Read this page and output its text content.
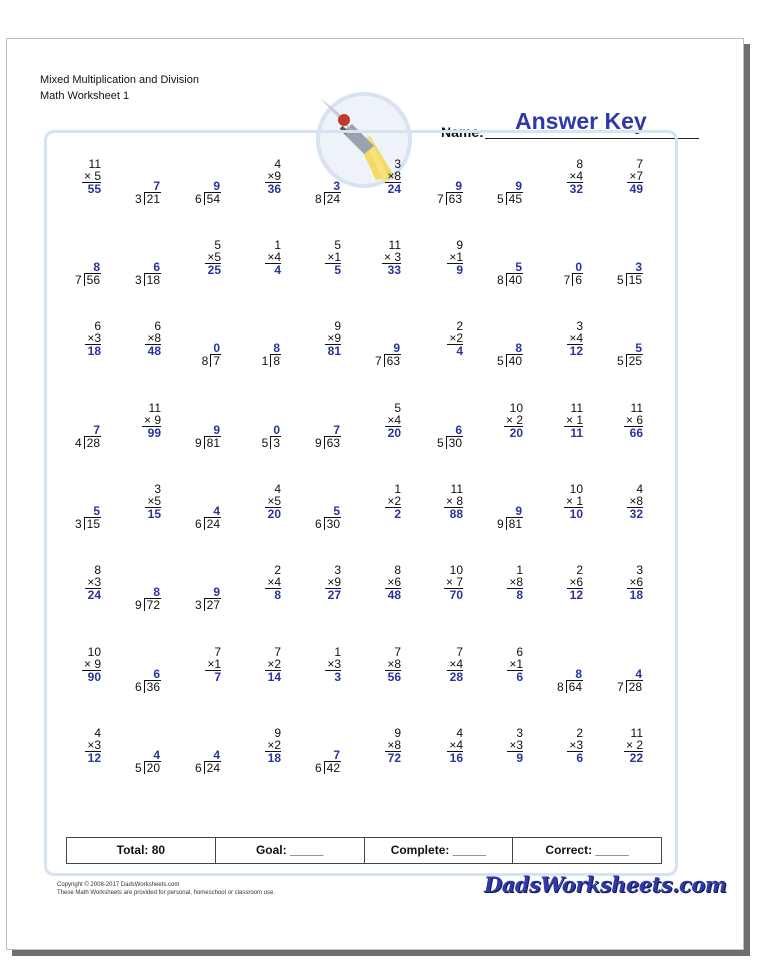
Mixed Multiplication and Division
Math Worksheet 1
Name: Answer Key
11
× 5
55	7
3 21
9
6 54
4
×9
36	3
8 24
3
×8
24	9
7 63
9
5 45
8
×4
32
7
×7
49
8
7 56
6
3 18
5
×5
25
1
×4
4
5
×1
5
11
× 3
33
9
×1
9	5
8 40
0
7 6
3
5 15
6
×3
18
6
×8
48	0
8 7
8
1 8
9
×9
81	9
7 63
2
×2
4	8
5 40
3
×4
12	5
5 25
7
4 28
11
× 9
99	9
9 81
0
5 3
7
9 63
5
×4
20	6
5 30
10
× 2
20
11
× 1
11
11
× 6
66
5
3 15
3
×5
15	4
6 24
4
×5
20	5
6 30
1
×2
2
11
× 8
88	9
9 81
10
× 1
10
4
×8
32
8
×3
24	8
9 72
9
3 27
2
×4
8
3
×9
27
8
×6
48
10
× 7
70
1
×8
8
2
×6
12
3
×6
18
10
× 9
90	6
6 36
7
×1
7
7
×2
14
1
×3
3
7
×8
56
7
×4
28
6
×1
6	8
8 64
4
7 28
4
×3
12	4
5 20
4
6 24
9
×2
18	7
6 42
9
×8
72
4
×4
16
3
×3
9
2
×3
6
11
× 2
22
Total: 80	Goal: _____	Complete: _____	Correct: _____
Copyright © 2008-2017 DadsWorksheets.com
These Math Worksheets are provided for personal, homeschool or classroom use.	DadsWorksheets.com
